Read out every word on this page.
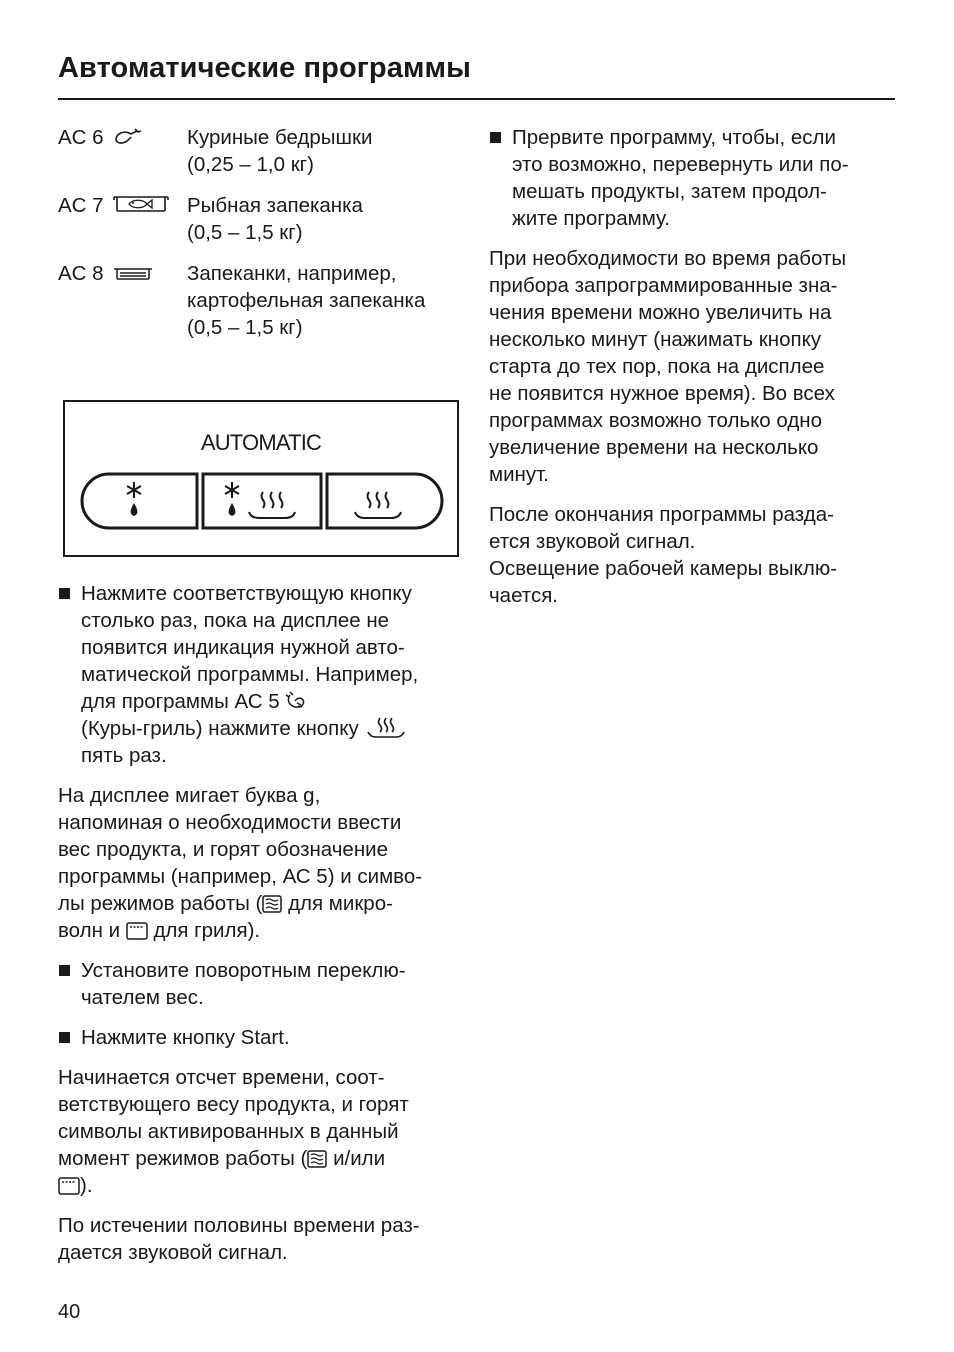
Автоматические программы
AC 6	Куриные бедрышки
(0,25 – 1,0 кг)
AC 7	Рыбная запеканка
(0,5 – 1,5 кг)
AC 8	Запеканки, например,
картофельная запеканка
(0,5 – 1,5 кг)
AUTOMATIC
Нажмите соответствующую кнопку
столько раз, пока на дисплее не
появится индикация нужной авто-
матической программы. Например,
для программы АС 5
(Куры-гриль) нажмите кнопку
пять раз.
На дисплее мигает буква g,
напоминая о необходимости ввести
вес продукта, и горят обозначение
программы (например, АС 5) и симво-
лы режимов работы ( для микро-
волн и для гриля).
Установите поворотным переклю-
чателем вес.
Нажмите кнопку Start.
Начинается отсчет времени, соот-
ветствующего весу продукта, и горят
символы активированных в данный
момент режимов работы ( и/или
).
По истечении половины времени раз-
дается звуковой сигнал.
Прервите программу, чтобы, если
это возможно, перевернуть или по-
мешать продукты, затем продол-
жите программу.
При необходимости во время работы
прибора запрограммированные зна-
чения времени можно увеличить на
несколько минут (нажимать кнопку
старта до тех пор, пока на дисплее
не появится нужное время). Во всех
программах возможно только одно
увеличение времени на несколько
минут.
После окончания программы разда-
ется звуковой сигнал.
Освещение рабочей камеры выклю-
чается.
40
